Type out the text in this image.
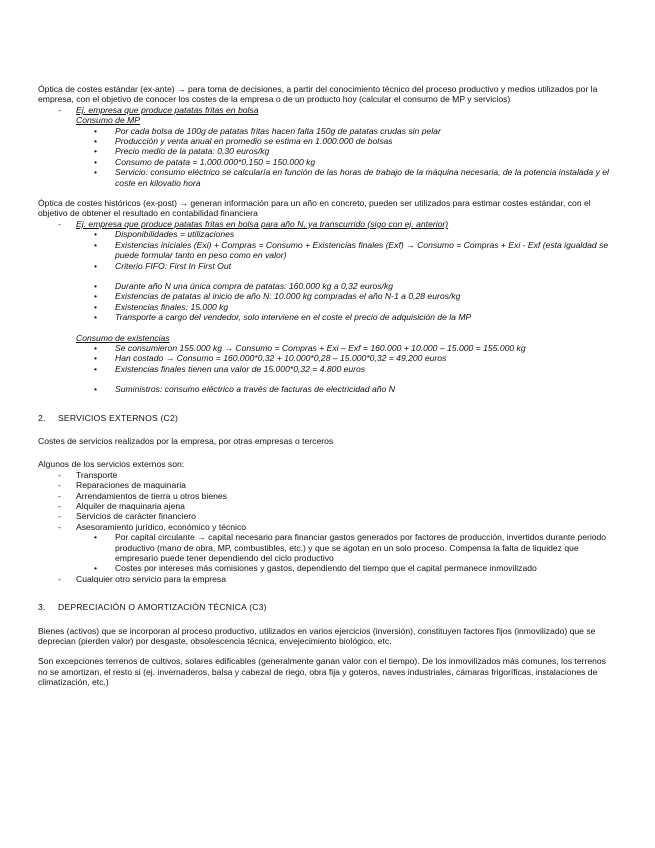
Óptica de costes estándar (ex-ante) → para toma de decisiones, a partir del conocimiento técnico del proceso productivo y medios utilizados por la empresa, con el objetivo de conocer los costes de la empresa o de un producto hoy (calcular el consumo de MP y servicios)

- Ej. empresa que produce patatas fritas en bolsa
Consumo de MP
• Por cada bolsa de 100g de patatas fritas hacen falta 150g de patatas crudas sin pelar
• Producción y venta anual en promedio se estima en 1.000.000 de bolsas
• Precio medio de la patata: 0,30 euros/kg
• Consumo de patata = 1.000.000*0,150 = 150.000 kg
• Servicio: consumo eléctrico se calcularía en función de las horas de trabajo de la máquina necesaria, de la potencia instalada y el coste en kilovatio hora

Óptica de costes históricos (ex-post) → generan información para un año en concreto, pueden ser utilizados para estimar costes estándar, con el objetivo de obtener el resultado en contabilidad financiera

- Ej. empresa que produce patatas fritas en bolsa para año N, ya transcurrido (sigo con ej. anterior)
• Disponibilidades = utilizaciones
• Existencias iniciales (Exi) + Compras = Consumo + Existencias finales (Exf) → Consumo = Compras + Exi - Exf (esta igualdad se puede formular tanto en peso como en valor)
• Criterio FIFO: First In First Out
• Durante año N una única compra de patatas: 160.000 kg a 0,32 euros/kg
• Existencias de patatas al inicio de año N: 10.000 kg compradas el año N-1 a 0,28 euros/kg
• Existencias finales: 15.000 kg
• Transporte a cargo del vendedor, solo interviene en el coste el precio de adquisición de la MP
Consumo de existencias
• Se consumieron 155.000 kg → Consumo = Compras + Exi – Exf = 160.000 + 10.000 – 15.000 = 155.000 kg
• Han costado → Consumo = 160.000*0,32 + 10.000*0,28 – 15.000*0,32 = 49.200 euros
• Existencias finales tienen una valor de 15.000*0,32 = 4.800 euros
• Suministros: consumo eléctrico a través de facturas de electricidad año N
2. SERVICIOS EXTERNOS (C2)

Costes de servicios realizados por la empresa, por otras empresas o terceros

Algunos de los servicios externos son:

- Transporte
- Reparaciones de maquinaria
- Arrendamientos de tierra u otros bienes
- Alquiler de maquinaria ajena
- Servicios de carácter financiero
- Asesoramiento jurídico, económico y técnico
• Por capital circulante → capital necesario para financiar gastos generados por factores de producción, invertidos durante periodo productivo (mano de obra, MP, combustibles, etc.) y que se agotan en un solo proceso. Compensa la falta de liquidez que empresario puede tener dependiendo del ciclo productivo
• Costes por intereses más comisiones y gastos, dependiendo del tiempo que el capital permanece inmovilizado
- Cualquier otro servicio para la empresa
3. DEPRECIACIÓN O AMORTIZACIÓN TÉCNICA (C3)

Bienes (activos) que se incorporan al proceso productivo, utilizados en varios ejercicios (inversión), constituyen factores fijos (inmovilizado) que se deprecian (pierden valor) por desgaste, obsolescencia técnica, envejecimiento biológico, etc.

Son excepciones terrenos de cultivos, solares edificables (generalmente ganan valor con el tiempo). De los inmovilizados más comunes, los terrenos no se amortizan, el resto si (ej. invernaderos, balsa y cabezal de riego, obra fija y goteros, naves industriales, cámaras frigoríficas, instalaciones de climatización, etc.)
